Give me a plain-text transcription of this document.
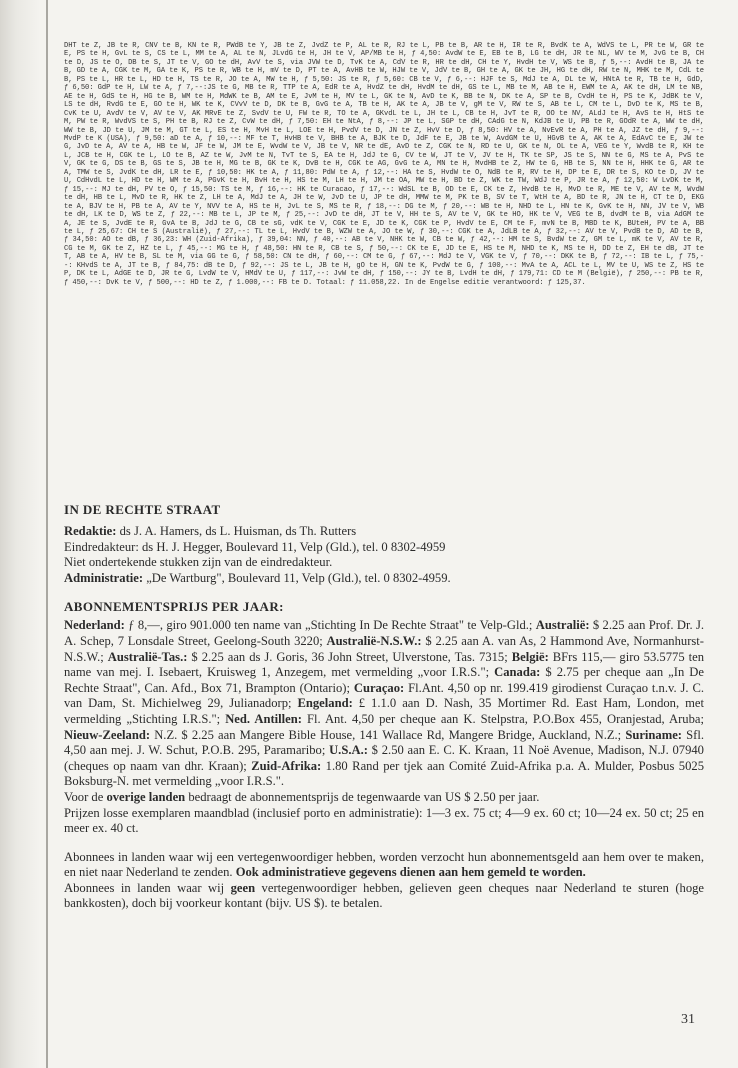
DHT te Z, JB te R, CNV te B, KN te R, PWdB te Y, JB te Z, JvdZ te P, AL te R, RJ te L, PB te B, AR te H, IR te R, BvdK te A, WdVS te L, PR te W, GR te E, PS te H, GvL te S, CS te L, MM te A, AL te N, JLvdG te H, JH te V, AP/MB te H, ƒ 4,50: AvdW te E, EB te B, LG te dH, JR te NL, WV te M, JvG te B, CH te D, JS te O, DB te S, JT te V, GO te dH, AvV te S, via JVW te D, TvK te A, CdV te R, HR te dH, CH te Y, HvdH te V, WS te B, ƒ 5,--: AvdH te B, JA te B, GD te A, CGK te M, GA te K, PS te R, WB te H, mV te D, PT te A, AvHB te W, HJW te V, JdV te B, GH te A, GK te JH, HG te dH, RW te N, MHK te M, CdL te B, PS te L, HR te L, HD te H, TS te R, JO te A, MW te H, ƒ 5,50: JS te R, ƒ 5,60: CB te V, ƒ 6,--: HJF te S, MdJ te A, DL te W, HNtA te R, TB te H, GdD, ƒ 6,50: GdP te H, LW te A, ƒ 7,--:JS te G, MB te R, TTP te A, EdR te A, HvdZ te dH, HvdM te dH, GS te L, MB te M, AB te H, EWM te A, AK te dH, LM te NB, AE te H, GdS te H, HG te B, WM te H, MdWK te B, AM te E, JvM te H, MV te L, GK te N, AvD te K, BB te N, DK te A, SP te B, CvdH te H, PS te K, JdBK te V, LS te dH, RvdG te E, GO te H, WK te K, CVvV te D, DK te B, GvG te A, TB te H, AK te A, JB te V, gM te V, RW te S, AB te L, CM te L, DvD te K, MS te B, CvK te U, AvdV te V, AV te V, AK MRvE te Z, SvdV te U, FW te R, TO te A, GKvdL te L, JH te L, CB te H, JvT te R, OO te NV, ALdJ te H, AvS te H, HtS te M, PW te R, WvdVS te S, PH te B, RJ te Z, CvW te dH, ƒ 7,50: EH te NtA, ƒ 8,--: JP te L, SGP te dH, CAdG te N, KdJB te U, PB te R, GOdR te A, WW te dH, WW te B, JD te U, JM te M, GT te L, ES te H, MvH te L, LOE te H, PvdV te D, JN te Z, HvV te D, ƒ 8,50: HV te A, NvEvR te A, PH te A, JZ te dH, ƒ 9,--: MvdP te K (USA), ƒ 9,50: aD te A, ƒ 10,--: MF te T, HvHB te V, BHB te A, BJK te D, JdF te E, JB te W, AvdGM te U, HGvB te A, AK te A, EdAvC te E, JW te G, JvD te A, AV te A, HB te W, JF te W, JM te E, WvdW te V, JB te V, NR te dE, AvD te Z, CGK te N, RD te U, GK te N, OL te A, VEG te Y, WvdB te R, KH te L, JCB te H, CGK te L, LO te B, AZ te W, JvM te N, TvT te S, EA te H, JdJ te G, CV te W, JT te V, JV te H, TK te SP, JS te S, NN te G, MS te A, PvS te V, GK te G, DS te B, GS te S, JB te H, MG te B, GK te K, DvB te H, CGK te AG, GvG te A, MN te H, MvdHB te Z, HW te G, HB te S, NN te H, HHK te G, AR te A, TMW te S, JvdK te dH, LR te E, ƒ 10,50: HK te A, ƒ 11,80: PdW te A, ƒ 12,--: HA te S, HvdW te O, NdB te R, RV te H, DP te E, DR te S, KO te D, JV te U, CdHvdL te L, HD te H, WM te A, PGvK te H, BvH te H, HS te M, LH te H, JM te OA, MW te H, BD te Z, WK te TW, WdJ te P, JR te A, ƒ 12,50: W LvDK te M, ƒ 15,--: MJ te dH, PV te O, ƒ 15,50: TS te M, ƒ 16,--: HK te Curacao, ƒ 17,--: WdSL te B, OD te E, CK te Z, HvdB te H, MvD te R, ME te V, AV te M, WvdW te dH, HB te L, MvD te R, HK te Z, LH te A, MdJ te A, JH te W, JvD te U, JP te dH, MMW te M, PK te B, SV te T, WtH te A, BD te R, JN te H, CT te D, EKG te A, BJV te H, PB te A, AV te Y, NVV te A, HS te H, JvL te S, MS te R, ƒ 18,--: DG te M, ƒ 20,--: WB te H, NHD te L, HN te K, GvK te H, NN, JV te V, WB te dH, LK te D, WS te Z, ƒ 22,--: MB te L, JP te M, ƒ 25,--: JvD te dH, JT te V, HH te S, AV te V, GK te HO, HK te V, VEG te B, dvdM te B, via AdGM te A, JE te S, JvdE te R, GvA te B, JdJ te G, CB te sG, vdK te V, CGK te E, JD te K, CGK te P, HvdV te E, CM te F, mvN te B, MBD te K, BUteH, PV te A, BB te L, ƒ 25,67: CH te S (Australië), ƒ 27,--: TL te L, HvdV te B, WZW te A, JO te W, ƒ 30,--: CGK te A, JdLB te A, ƒ 32,--: AV te V, PvdB te D, AD te B, ƒ 34,50: AO te dB, ƒ 36,23: WH (Zuid-Afrika), ƒ 39,04: NN, ƒ 40,--: AB te V, NHK te W, CB te W, ƒ 42,--: HM te S, BvdW te Z, GM te L, mK te V, AV te R, CG te M, GK te Z, HZ te L, ƒ 45,--: MG te H, ƒ 48,50: HN te R, CB te S, ƒ 50,--: CK te E, JD te E, HS te M, NHD te K, MS te H, DD te Z, EH te dB, JT te T, AB te A, HV te B, SL te M, via GG te G, ƒ 58,50: CN te dH, ƒ 60,--: CM te G, ƒ 67,--: MdJ te V, VGK te V, ƒ 70,--: DKK te B, ƒ 72,--: IB te L, ƒ 75,--: KHvdS te A, JT te B, ƒ 84,75: dB te D, ƒ 92,--: JS te L, JB te H, gO te H, GN te K, PvdW te G, ƒ 100,--: MvA te A, ACL te L, MV te U, WS te Z, HS te P, DK te L, AdGE te D, JR te G, LvdW te V, HMdV te U, ƒ 117,--: JvW te dH, ƒ 150,--: JY te B, LvdH te dH, ƒ 179,71: CD te M (België), ƒ 250,--: PB te R, ƒ 450,--: DvK te V, ƒ 500,--: HD te Z, ƒ 1.000,--: FB te D. Totaal: ƒ 11.058,22. In de Engelse editie verantwoord: ƒ 125,37.
IN DE RECHTE STRAAT

Redaktie: ds J. A. Hamers, ds L. Huisman, ds Th. Rutters

Eindredakteur: ds H. J. Hegger, Boulevard 11, Velp (Gld.), tel. 0 8302-4959

Niet ondertekende stukken zijn van de eindredakteur.

Administratie: „De Wartburg", Boulevard 11, Velp (Gld.), tel. 0 8302-4959.

ABONNEMENTSPRIJS PER JAAR:

Nederland: ƒ 8,—, giro 901.000 ten name van „Stichting In De Rechte Straat" te Velp-Gld.; Australië: $ 2.25 aan Prof. Dr. J. A. Schep, 7 Lonsdale Street, Geelong-South 3220; Australië-N.S.W.: $ 2.25 aan A. van As, 2 Hammond Ave, Normanhurst-N.S.W.; Australië-Tas.: $ 2.25 aan ds J. Goris, 36 John Street, Ulverstone, Tas. 7315; België: BFrs 115,— giro 53.5775 ten name van mej. I. Isebaert, Kruisweg 1, Anzegem, met vermelding „voor I.R.S."; Canada: $ 2.75 per cheque aan „In De Rechte Straat", Can. Afd., Box 71, Brampton (Ontario); Curaçao: Fl.Ant. 4,50 op nr. 199.419 girodienst Curaçao t.n.v. J. C. van Dam, St. Michielweg 29, Julianadorp; Engeland: £ 1.1.0 aan D. Nash, 35 Mortimer Rd. East Ham, London, met vermelding „Stichting I.R.S."; Ned. Antillen: Fl. Ant. 4,50 per cheque aan K. Stelpstra, P.O.Box 455, Oranjestad, Aruba; Nieuw-Zeeland: N.Z. $ 2.25 aan Mangere Bible House, 141 Wallace Rd, Mangere Bridge, Auckland, N.Z.; Suriname: Sfl. 4,50 aan mej. J. W. Schut, P.O.B. 295, Paramaribo; U.S.A.: $ 2.50 aan E. C. K. Kraan, 11 Noë Avenue, Madison, N.J. 07940 (cheques op naam van dhr. Kraan); Zuid-Afrika: 1.80 Rand per tjek aan Comité Zuid-Afrika p.a. A. Mulder, Posbus 5025 Boksburg-N. met vermelding „voor I.R.S.".

Voor de overige landen bedraagt de abonnementsprijs de tegenwaarde van US $ 2.50 per jaar.

Prijzen losse exemplaren maandblad (inclusief porto en administratie): 1—3 ex. 75 ct; 4—9 ex. 60 ct; 10—24 ex. 50 ct; 25 en meer ex. 40 ct.

Abonnees in landen waar wij een vertegenwoordiger hebben, worden verzocht hun abonnementsgeld aan hem over te maken, en niet naar Nederland te zenden. Ook administratieve gegevens dienen aan hem gemeld te worden.

Abonnees in landen waar wij geen vertegenwoordiger hebben, gelieven geen cheques naar Nederland te sturen (hoge bankkosten), doch bij voorkeur kontant (bijv. US $). te betalen.

31
